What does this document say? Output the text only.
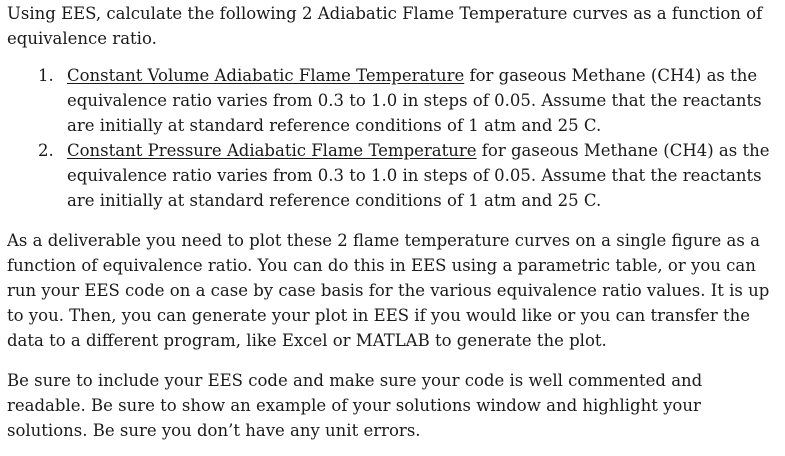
Using EES, calculate the following 2 Adiabatic Flame Temperature curves as a function of equivalence ratio.

1. Constant Volume Adiabatic Flame Temperature for gaseous Methane (CH4) as the equivalence ratio varies from 0.3 to 1.0 in steps of 0.05. Assume that the reactants are initially at standard reference conditions of 1 atm and 25 C.
2. Constant Pressure Adiabatic Flame Temperature for gaseous Methane (CH4) as the equivalence ratio varies from 0.3 to 1.0 in steps of 0.05. Assume that the reactants are initially at standard reference conditions of 1 atm and 25 C.

As a deliverable you need to plot these 2 flame temperature curves on a single figure as a function of equivalence ratio. You can do this in EES using a parametric table, or you can run your EES code on a case by case basis for the various equivalence ratio values. It is up to you. Then, you can generate your plot in EES if you would like or you can transfer the data to a different program, like Excel or MATLAB to generate the plot.

Be sure to include your EES code and make sure your code is well commented and readable. Be sure to show an example of your solutions window and highlight your solutions. Be sure you don’t have any unit errors.
